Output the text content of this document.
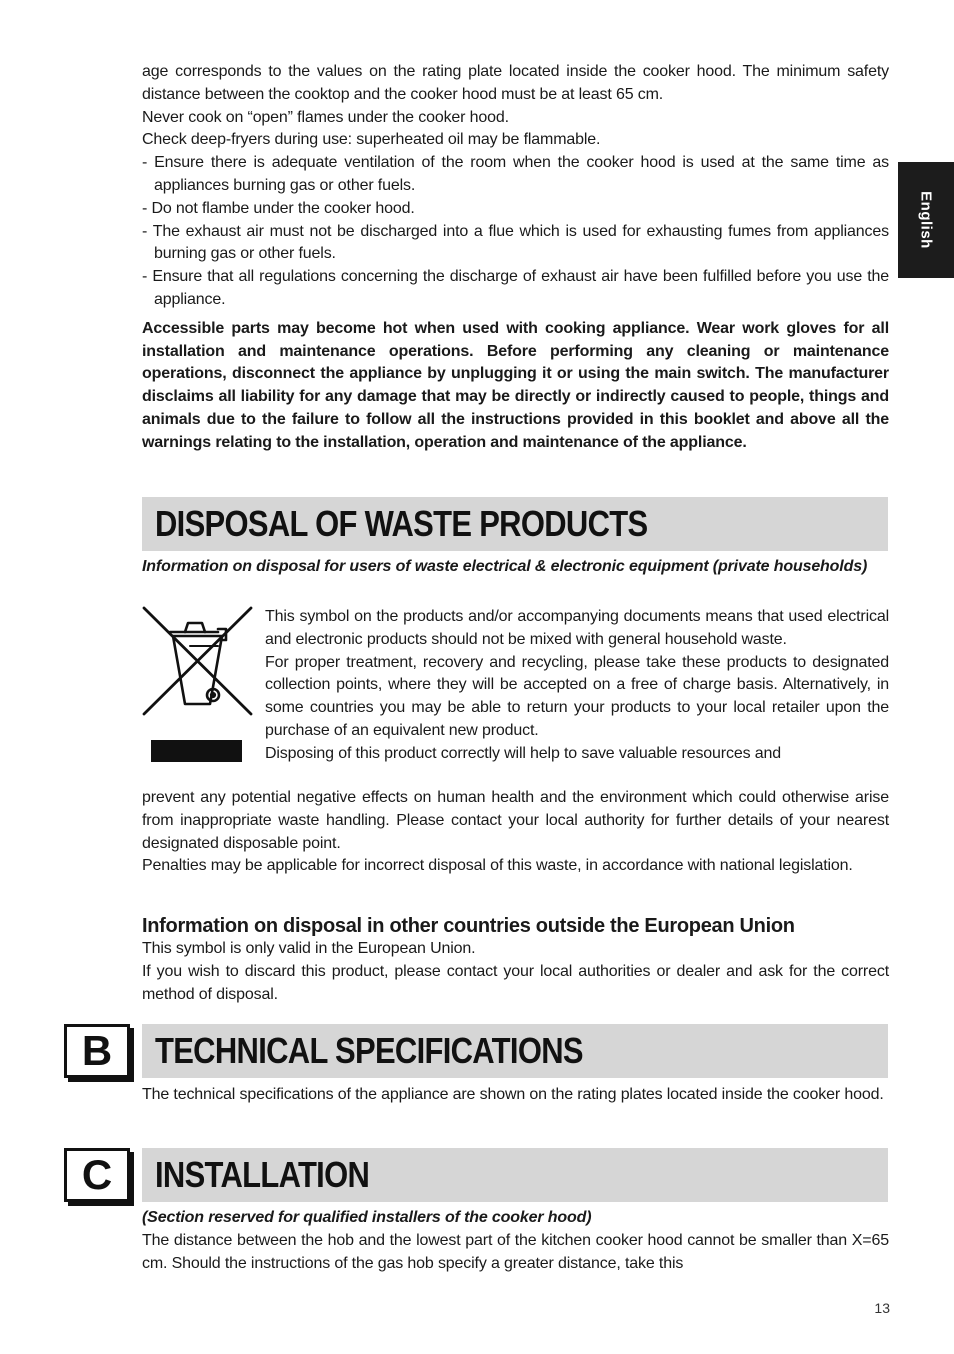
English

age corresponds to the values on the rating plate located inside the cooker hood. The minimum safety distance between the cooktop and the cooker hood must be at least 65 cm.

Never cook on “open” flames under the cooker hood.

Check deep-fryers during use: superheated oil may be flammable.

- Ensure there is adequate ventilation of the room when the cooker hood is used at the same time as appliances burning gas or other fuels.

- Do not flambe under the cooker hood.

- The exhaust air must not be discharged into a flue which is used for exhausting fumes from appliances burning gas or other fuels.

- Ensure that all regulations concerning the discharge of exhaust air have been fulfilled before you use the appliance.

Accessible parts may become hot when used with cooking appliance. Wear work gloves for all installation and maintenance operations. Before performing any cleaning or maintenance operations, disconnect the appliance by unplugging it or using the main switch. The manufacturer disclaims all liability for any damage that may be directly or indirectly caused to people, things and animals due to the failure to follow all the instructions provided in this booklet and above all the warnings relating to the installation, operation and maintenance of the appliance.

DISPOSAL OF WASTE PRODUCTS

Information on disposal for users of waste electrical & electronic equipment (private households)

This symbol on the products and/or accompanying documents means that used electrical and electronic products should not be mixed with general household waste.

For proper treatment, recovery and recycling, please take these products to designated collection points, where they will be accepted on a free of charge basis. Alternatively, in some countries you may be able to return your products to your local retailer upon the purchase of an equivalent new product.

Disposing of this product correctly will help to save valuable resources and

prevent any potential negative effects on human health and the environment which could otherwise arise from inappropriate waste handling. Please contact your local authority for further details of your nearest designated disposable point.

Penalties may be applicable for incorrect disposal of this waste, in accordance with national legislation.

Information on disposal in other countries outside the European Union

This symbol is only valid in the European Union.

If you wish to discard this product, please contact your local authorities or dealer and ask for the correct method of disposal.

B	TECHNICAL SPECIFICATIONS

The technical specifications of the appliance are shown on the rating plates located inside the cooker hood.

C	INSTALLATION

(Section reserved for qualified installers of the cooker hood)

The distance between the hob and the lowest part of the kitchen cooker hood cannot be smaller than X=65 cm. Should the instructions of the gas hob specify a greater distance, take this

13
